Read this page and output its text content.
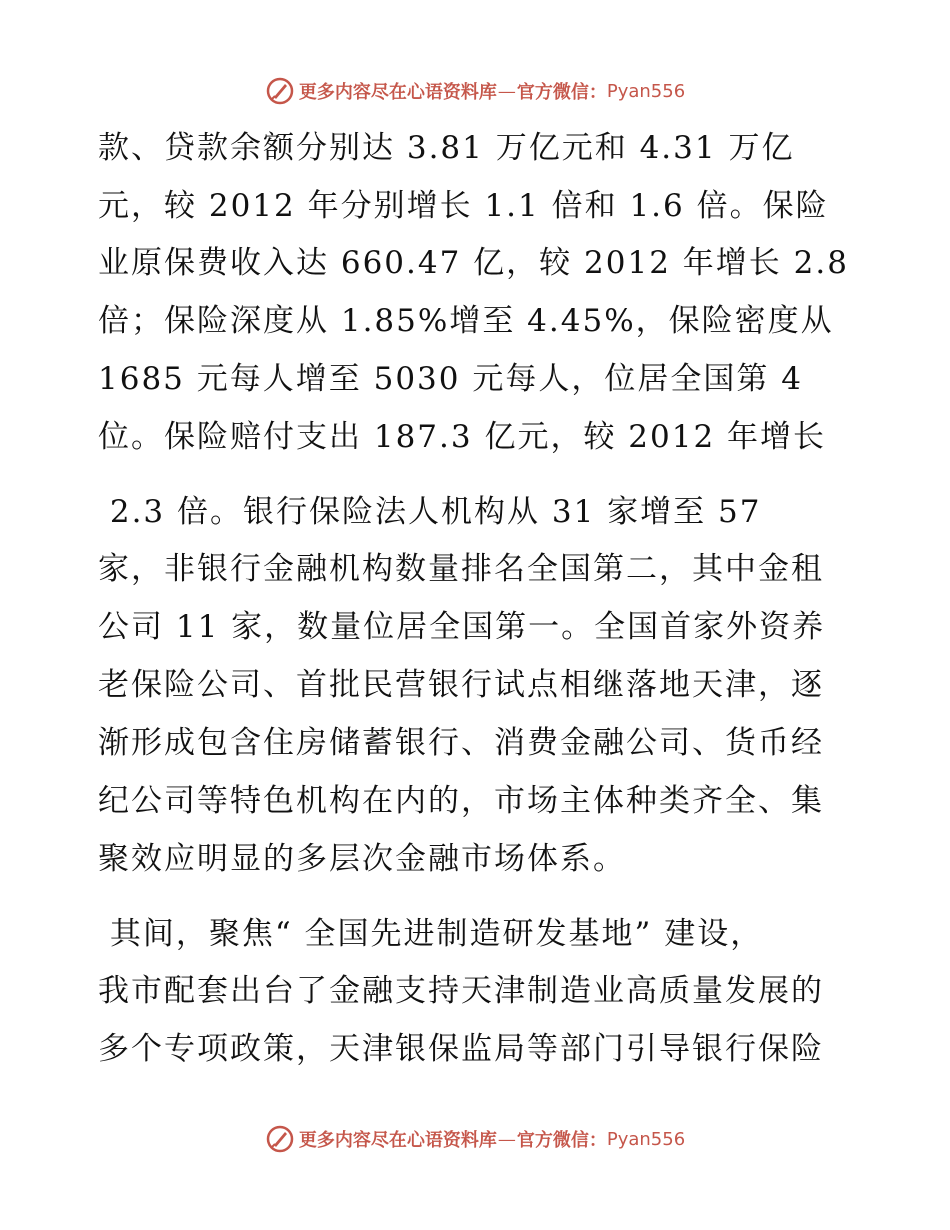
更多内容尽在心语资料库 — 官方微信： Pyan556
款、贷款余额分别达 3.81 万亿元和 4.31 万亿
元，较 2012 年分别增长 1.1 倍和 1.6 倍。保险
业原保费收入达 660.47 亿，较 2012 年增长 2.8
倍；保险深度从 1.85%增至 4.45%，保险密度从
1685 元每人增至 5030 元每人，位居全国第 4
位。保险赔付支出 187.3 亿元，较 2012 年增长
2.3 倍。银行保险法人机构从 31 家增至 57
家，非银行金融机构数量排名全国第二，其中金租
公司 11 家，数量位居全国第一。全国首家外资养
老保险公司、首批民营银行试点相继落地天津，逐
渐形成包含住房储蓄银行、消费金融公司、货币经
纪公司等特色机构在内的，市场主体种类齐全、集
聚效应明显的多层次金融市场体系。
其间，聚焦“ 全国先进制造研发基地” 建设，
我市配套出台了金融支持天津制造业高质量发展的
多个专项政策，天津银保监局等部门引导银行保险
更多内容尽在心语资料库 — 官方微信： Pyan556
